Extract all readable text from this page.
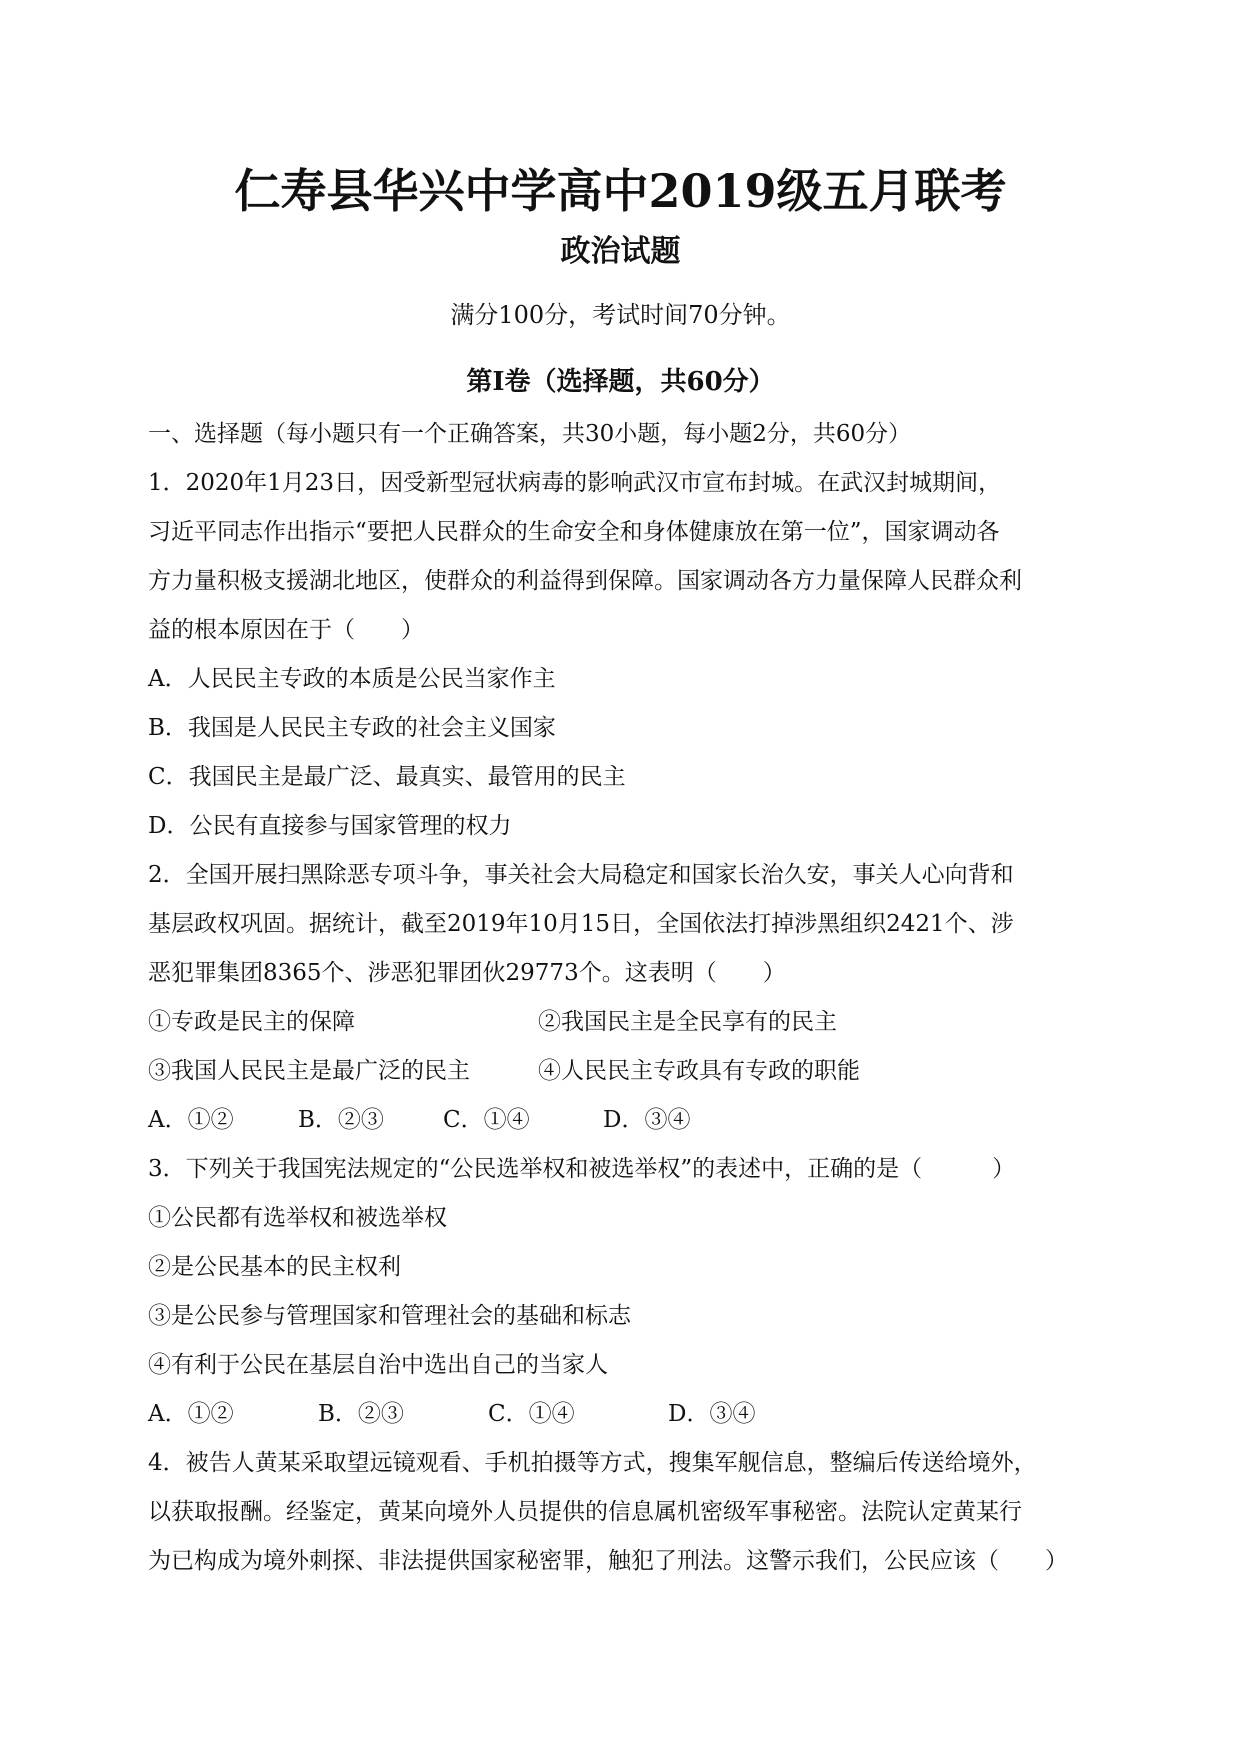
仁寿县华兴中学高中2019级五月联考
政治试题
满分100分，考试时间70分钟。
第I卷（选择题，共60分）
一、选择题（每小题只有一个正确答案，共30小题，每小题2分，共60分）
1．2020年1月23日，因受新型冠状病毒的影响武汉市宣布封城。在武汉封城期间，
习近平同志作出指示“要把人民群众的生命安全和身体健康放在第一位”，国家调动各
方力量积极支援湖北地区，使群众的利益得到保障。国家调动各方力量保障人民群众利
益的根本原因在于（　　）
A．人民民主专政的本质是公民当家作主
B．我国是人民民主专政的社会主义国家
C．我国民主是最广泛、最真实、最管用的民主
D．公民有直接参与国家管理的权力
2．全国开展扫黑除恶专项斗争，事关社会大局稳定和国家长治久安，事关人心向背和
基层政权巩固。据统计，截至2019年10月15日，全国依法打掉涉黑组织2421个、涉
恶犯罪集团8365个、涉恶犯罪团伙29773个。这表明（　　）
①专政是民主的保障	②我国民主是全民享有的民主
③我国人民民主是最广泛的民主	④人民民主专政具有专政的职能
A．①②	B．②③	C．①④	D．③④
3．下列关于我国宪法规定的“公民选举权和被选举权”的表述中，正确的是（	）
①公民都有选举权和被选举权
②是公民基本的民主权利
③是公民参与管理国家和管理社会的基础和标志
④有利于公民在基层自治中选出自己的当家人
A．①②	B．②③	C．①④	D．③④
4．被告人黄某采取望远镜观看、手机拍摄等方式，搜集军舰信息，整编后传送给境外，
以获取报酬。经鉴定，黄某向境外人员提供的信息属机密级军事秘密。法院认定黄某行
为已构成为境外刺探、非法提供国家秘密罪，触犯了刑法。这警示我们，公民应该（　　）
